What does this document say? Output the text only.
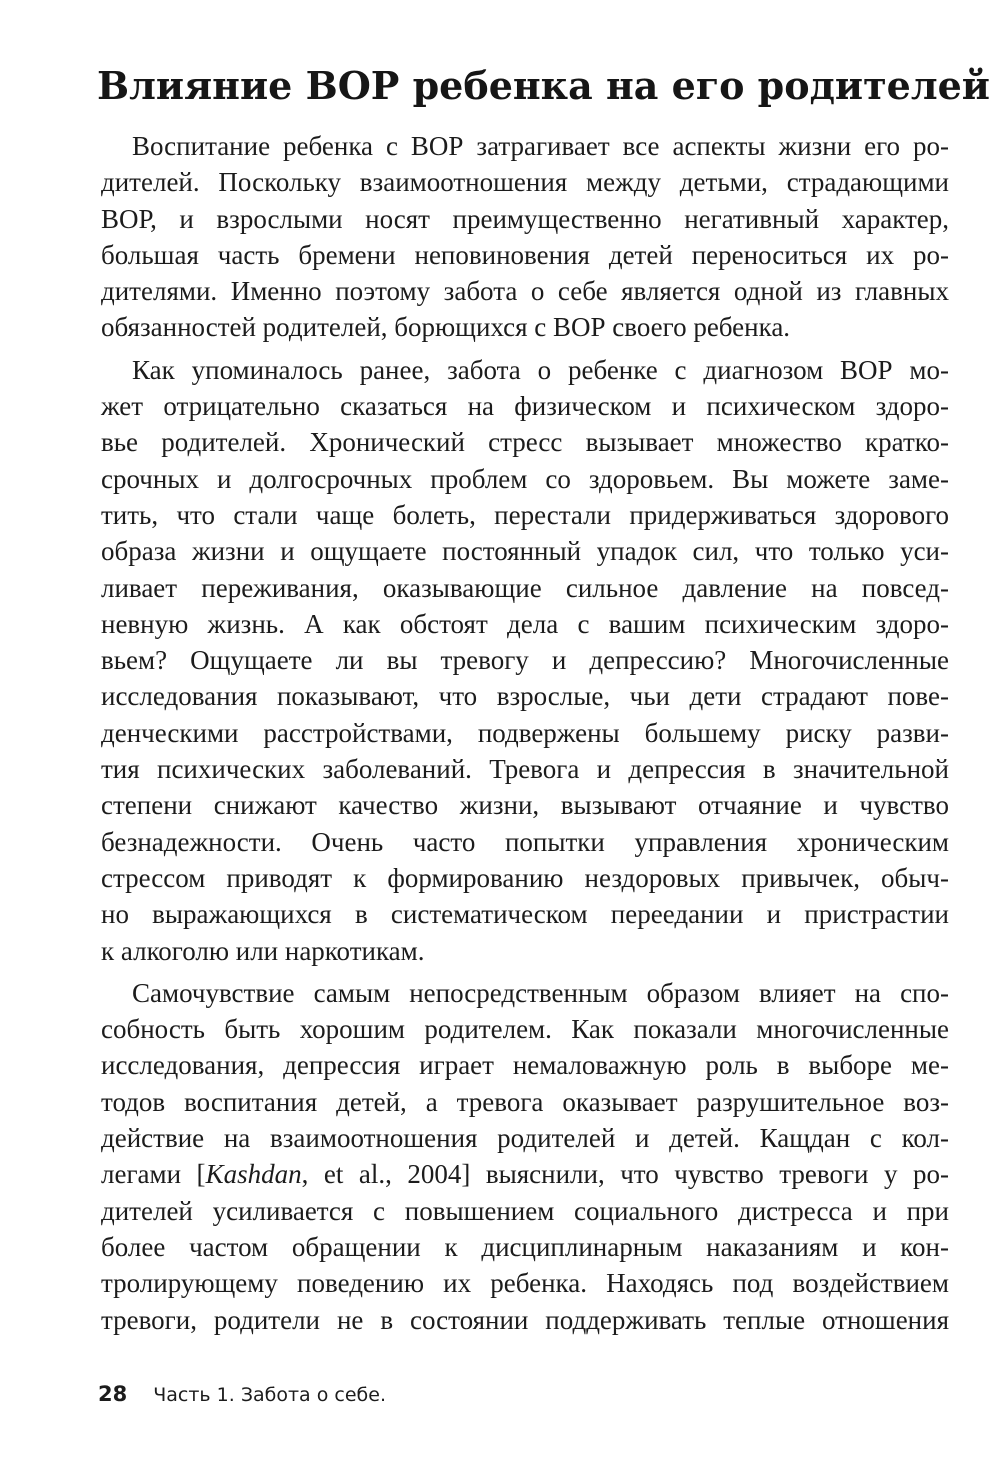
Влияние ВОР ребенка на его родителей
Воспитание ребенка с ВОР затрагивает все аспекты жизни его ро-
дителей. Поскольку взаимоотношения между детьми, страдающими
ВОР, и взрослыми носят преимущественно негативный характер,
большая часть бремени неповиновения детей переноситься их ро-
дителями. Именно поэтому забота о себе является одной из главных
обязанностей родителей, борющихся с ВОР своего ребенка.
Как упоминалось ранее, забота о ребенке с диагнозом ВОР мо-
жет отрицательно сказаться на физическом и психическом здоро-
вье родителей. Хронический стресс вызывает множество кратко-
срочных и долгосрочных проблем со здоровьем. Вы можете заме-
тить, что стали чаще болеть, перестали придерживаться здорового
образа жизни и ощущаете постоянный упадок сил, что только уси-
ливает переживания, оказывающие сильное давление на повсед-
невную жизнь. А как обстоят дела с вашим психическим здоро-
вьем? Ощущаете ли вы тревогу и депрессию? Многочисленные
исследования показывают, что взрослые, чьи дети страдают пове-
денческими расстройствами, подвержены большему риску разви-
тия психических заболеваний. Тревога и депрессия в значительной
степени снижают качество жизни, вызывают отчаяние и чувство
безнадежности. Очень часто попытки управления хроническим
стрессом приводят к формированию нездоровых привычек, обыч-
но выражающихся в систематическом переедании и пристрастии
к алкоголю или наркотикам.
Самочувствие самым непосредственным образом влияет на спо-
собность быть хорошим родителем. Как показали многочисленные
исследования, депрессия играет немаловажную роль в выборе ме-
тодов воспитания детей, а тревога оказывает разрушительное воз-
действие на взаимоотношения родителей и детей. Кащдан с кол-
легами [Kashdan, et al., 2004] выяснили, что чувство тревоги у ро-
дителей усиливается с повышением социального дистресса и при
более частом обращении к дисциплинарным наказаниям и кон-
тролирующему поведению их ребенка. Находясь под воздействием
тревоги, родители не в состоянии поддерживать теплые отношения
28 Часть 1. Забота о себе.
